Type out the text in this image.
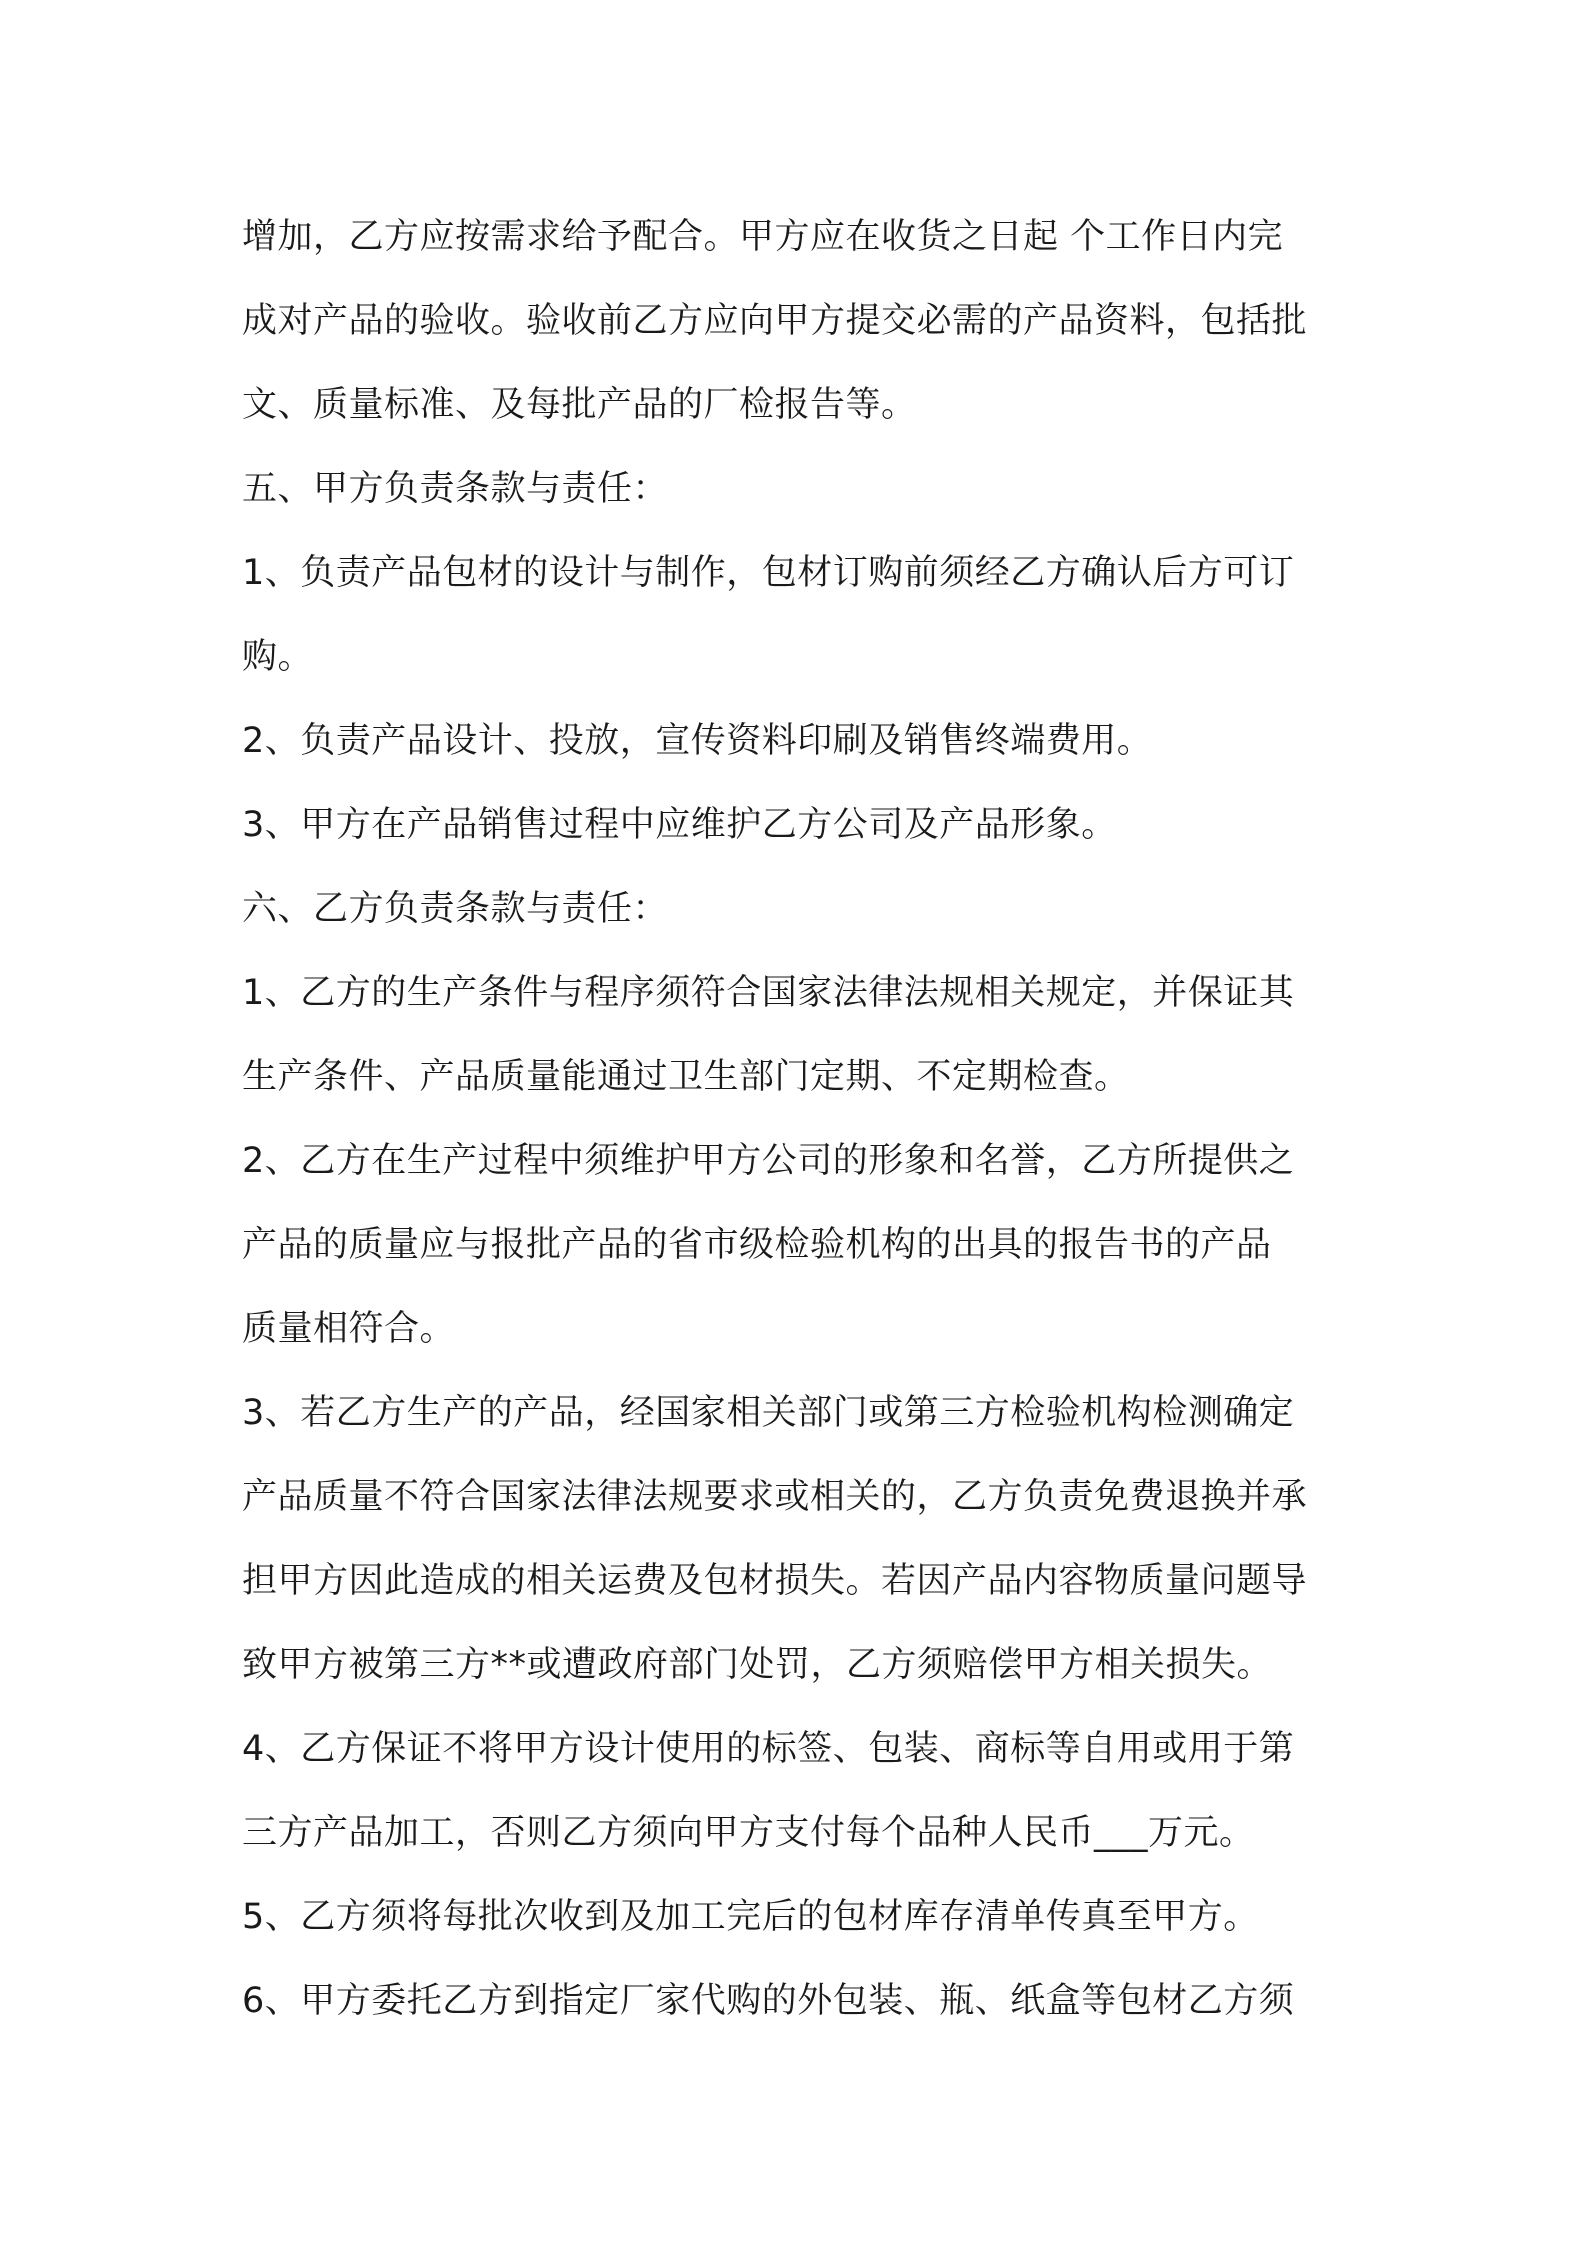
增加，乙方应按需求给予配合。甲方应在收货之日起 个工作日内完
成对产品的验收。验收前乙方应向甲方提交必需的产品资料，包括批
文、质量标准、及每批产品的厂检报告等。
五、甲方负责条款与责任：
1、负责产品包材的设计与制作，包材订购前须经乙方确认后方可订
购。
2、负责产品设计、投放，宣传资料印刷及销售终端费用。
3、甲方在产品销售过程中应维护乙方公司及产品形象。
六、乙方负责条款与责任：
1、乙方的生产条件与程序须符合国家法律法规相关规定，并保证其
生产条件、产品质量能通过卫生部门定期、不定期检查。
2、乙方在生产过程中须维护甲方公司的形象和名誉，乙方所提供之
产品的质量应与报批产品的省市级检验机构的出具的报告书的产品
质量相符合。
3、若乙方生产的产品，经国家相关部门或第三方检验机构检测确定
产品质量不符合国家法律法规要求或相关的，乙方负责免费退换并承
担甲方因此造成的相关运费及包材损失。若因产品内容物质量问题导
致甲方被第三方**或遭政府部门处罚，乙方须赔偿甲方相关损失。
4、乙方保证不将甲方设计使用的标签、包装、商标等自用或用于第
三方产品加工，否则乙方须向甲方支付每个品种人民币___万元。
5、乙方须将每批次收到及加工完后的包材库存清单传真至甲方。
6、甲方委托乙方到指定厂家代购的外包装、瓶、纸盒等包材乙方须
